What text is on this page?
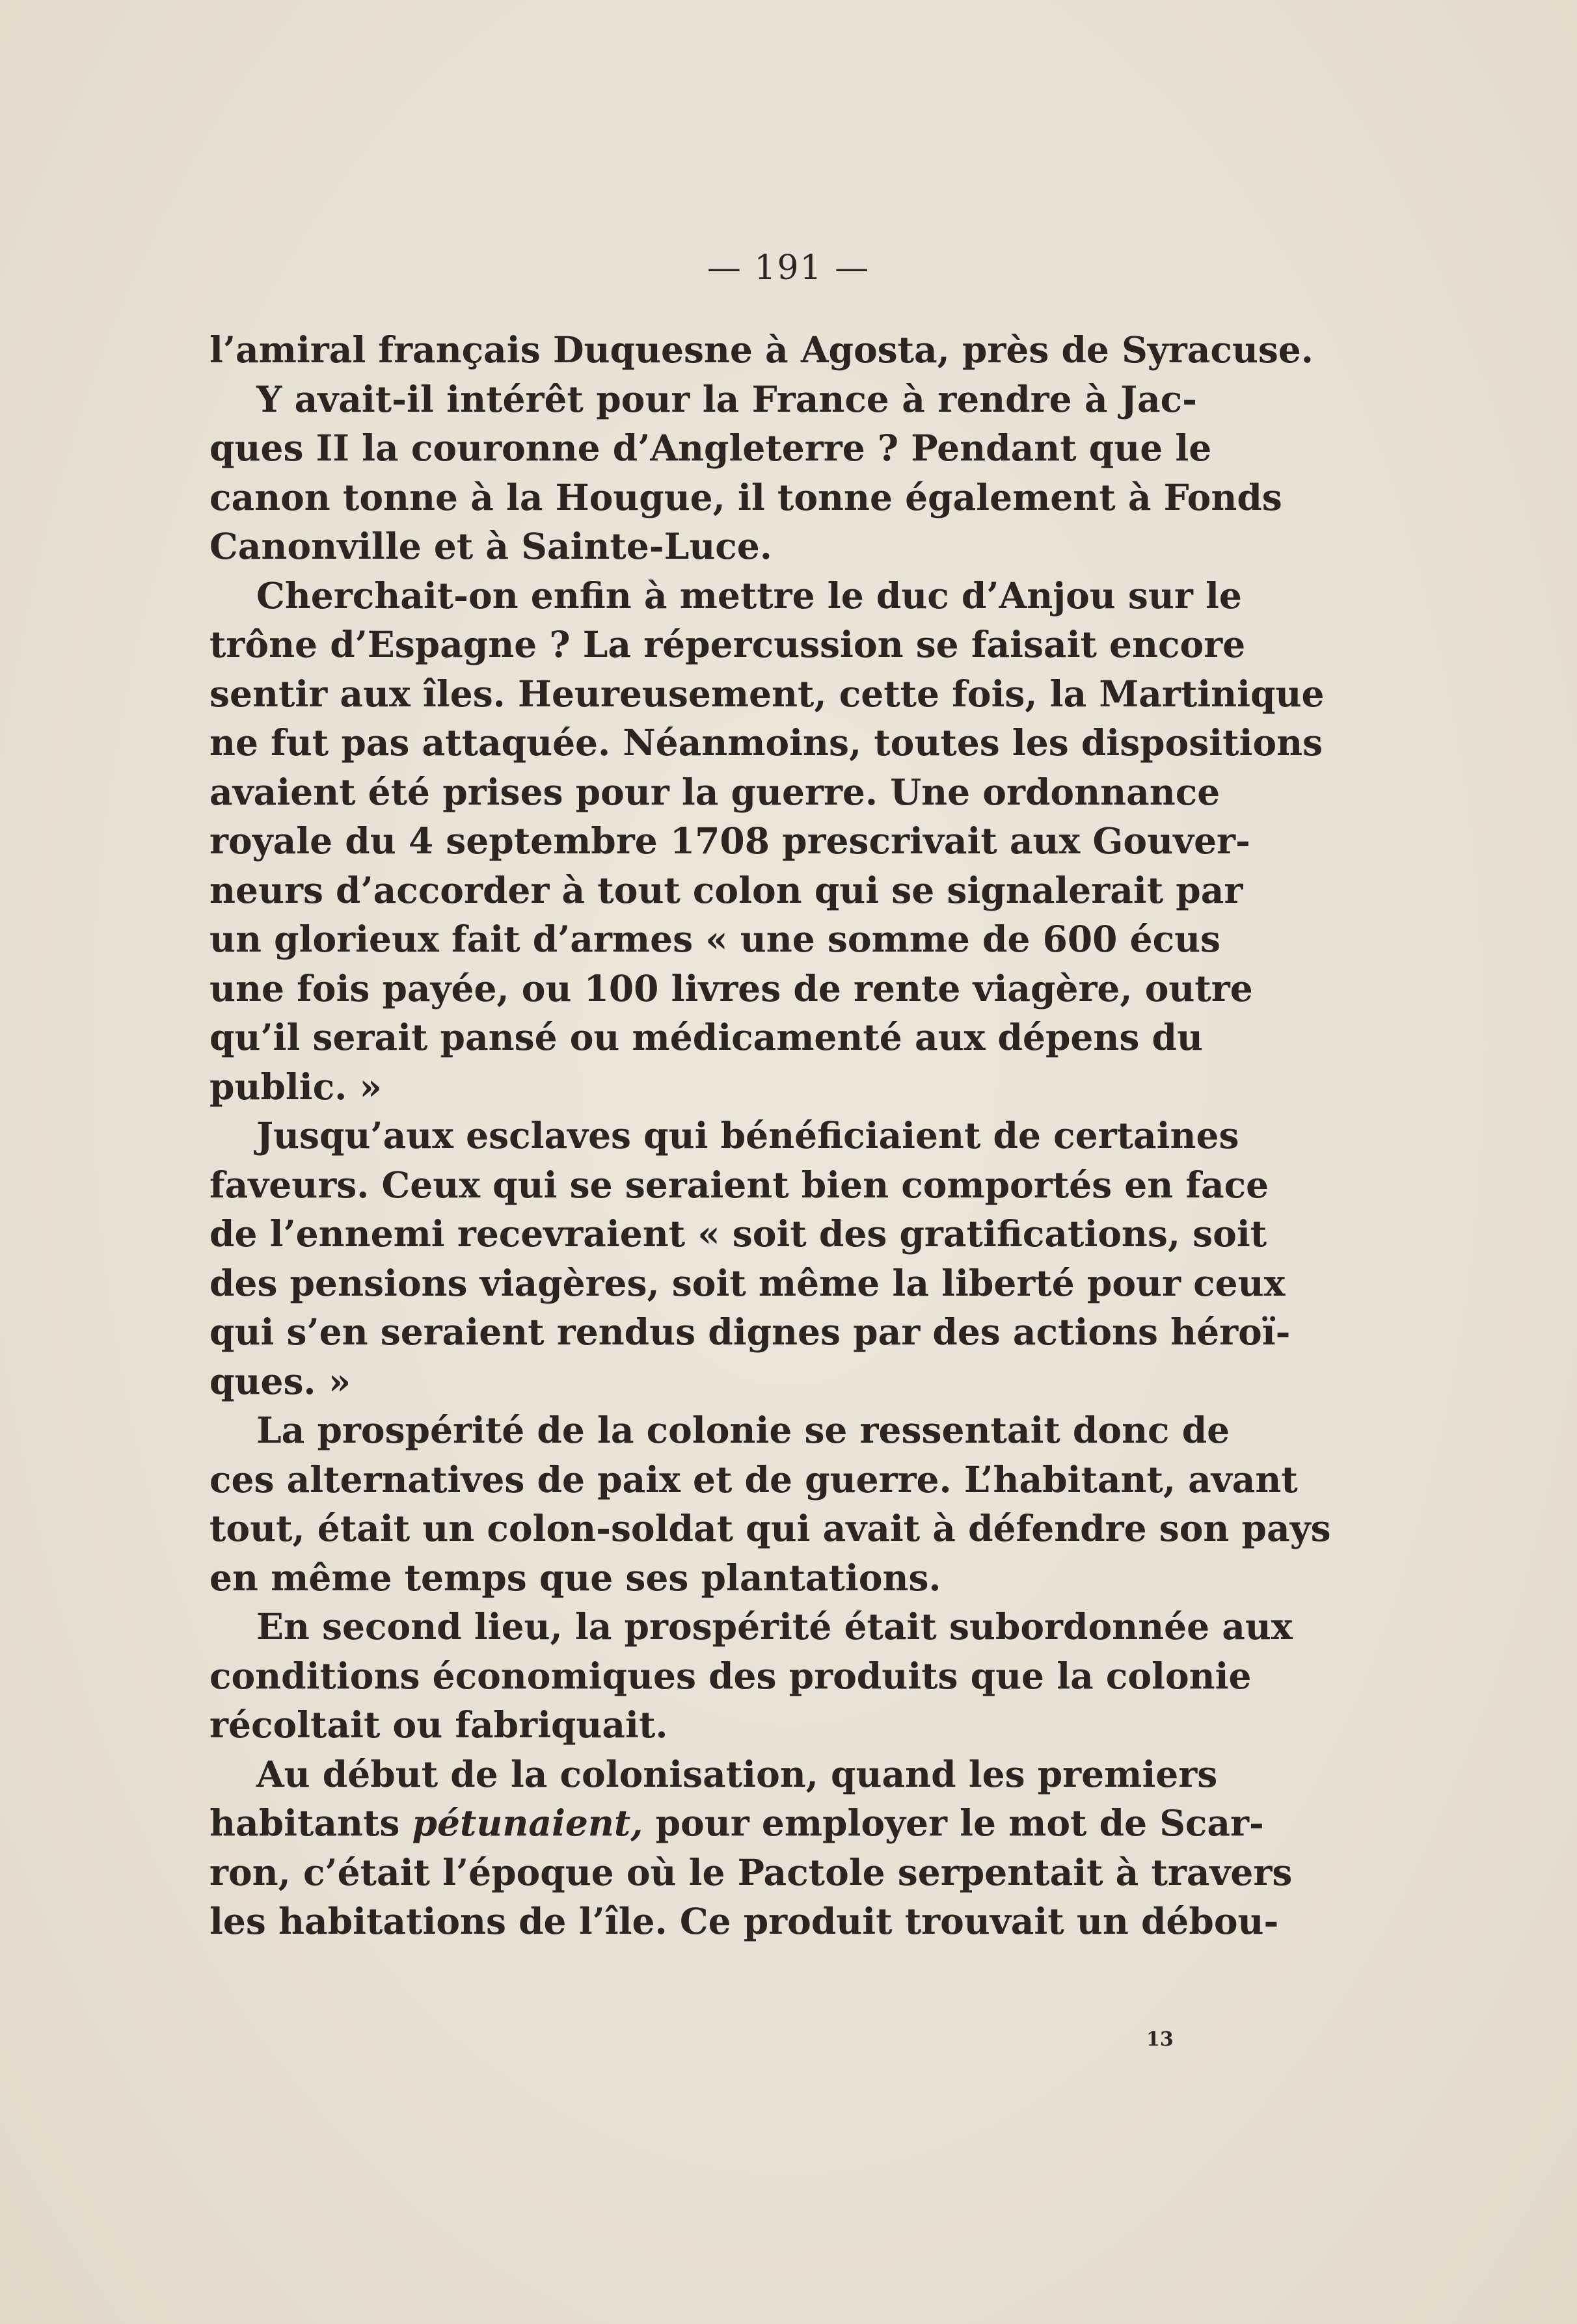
— 191 —
l’amiral français Duquesne à Agosta, près de Syracuse.
Y avait-il intérêt pour la France à rendre à Jac-
ques II la couronne d’Angleterre ? Pendant que le
canon tonne à la Hougue, il tonne également à Fonds
Canonville et à Sainte-Luce.
Cherchait-on enfin à mettre le duc d’Anjou sur le
trône d’Espagne ? La répercussion se faisait encore
sentir aux îles. Heureusement, cette fois, la Martinique
ne fut pas attaquée. Néanmoins, toutes les dispositions
avaient été prises pour la guerre. Une ordonnance
royale du 4 septembre 1708 prescrivait aux Gouver-
neurs d’accorder à tout colon qui se signalerait par
un glorieux fait d’armes « une somme de 600 écus
une fois payée, ou 100 livres de rente viagère, outre
qu’il serait pansé ou médicamenté aux dépens du
public. »
Jusqu’aux esclaves qui bénéficiaient de certaines
faveurs. Ceux qui se seraient bien comportés en face
de l’ennemi recevraient « soit des gratifications, soit
des pensions viagères, soit même la liberté pour ceux
qui s’en seraient rendus dignes par des actions héroï-
ques. »
La prospérité de la colonie se ressentait donc de
ces alternatives de paix et de guerre. L’habitant, avant
tout, était un colon-soldat qui avait à défendre son pays
en même temps que ses plantations.
En second lieu, la prospérité était subordonnée aux
conditions économiques des produits que la colonie
récoltait ou fabriquait.
Au début de la colonisation, quand les premiers
habitants pétunaient, pour employer le mot de Scar-
ron, c’était l’époque où le Pactole serpentait à travers
les habitations de l’île. Ce produit trouvait un débou-
13
